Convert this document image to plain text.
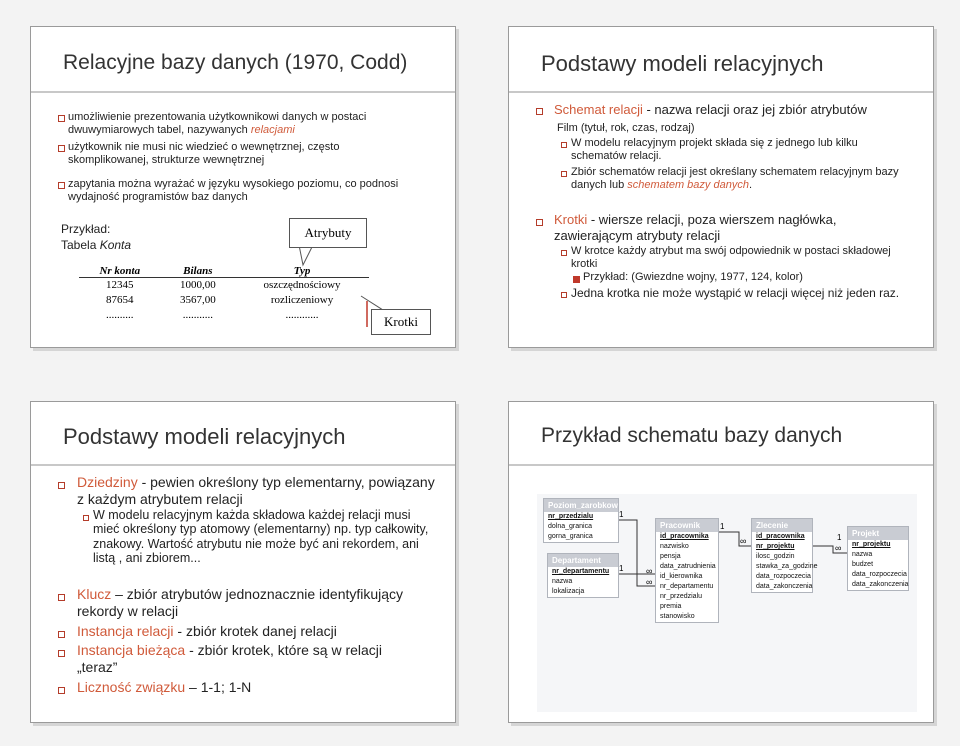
Relacyjne bazy danych (1970, Codd)
umożliwienie prezentowania użytkownikowi danych w postaci dwuwymiarowych tabel, nazywanych relacjami
użytkownik nie musi nic wiedzieć o wewnętrznej, często skomplikowanej, strukturze wewnętrznej
zapytania można wyrażać w języku wysokiego poziomu, co podnosi wydajność programistów baz danych
Przykład:
Tabela Konta
Atrybuty
Krotki
Nr konta	Bilans	Typ
12345	1000,00	oszczędnościowy
87654	3567,00	rozliczeniowy
..........	...........	............
Podstawy modeli relacyjnych
Schemat relacji - nazwa relacji oraz jej zbiór atrybutów
Film (tytuł, rok, czas, rodzaj)
W modelu relacyjnym projekt składa się z jednego lub kilku schematów relacji.
Zbiór schematów relacji jest określany schematem relacyjnym bazy danych lub schematem bazy danych.
Krotki - wiersze relacji, poza wierszem nagłówka, zawierającym atrybuty relacji
W krotce każdy atrybut ma swój odpowiednik w postaci składowej krotki
Przykład: (Gwiezdne wojny, 1977, 124, kolor)
Jedna krotka nie może wystąpić w relacji więcej niż jeden raz.
Podstawy modeli relacyjnych
Dziedziny - pewien określony typ elementarny, powiązany z każdym atrybutem relacji
W modelu relacyjnym każda składowa każdej relacji musi mieć określony typ atomowy (elementarny) np. typ całkowity, znakowy. Wartość atrybutu nie może być ani rekordem, ani listą , ani zbiorem...
Klucz – zbiór atrybutów jednoznacznie identyfikujący rekordy w relacji
Instancja relacji - zbiór krotek danej relacji
Instancja bieżąca - zbiór krotek, które są w relacji „teraz”
Liczność związku – 1-1; 1-N
Przykład schematu bazy danych
1
1
∞
∞
1
∞
∞
1
Poziom_zarobkow
nr_przedzialu
dolna_granica
gorna_granica
Departament
nr_departamentu
nazwa
lokalizacja
Pracownik
id_pracownika
nazwisko
pensja
data_zatrudnienia
id_kierownika
nr_departamentu
nr_przedzialu
premia
stanowisko
Zlecenie
id_pracownika
nr_projektu
ilosc_godzin
stawka_za_godzine
data_rozpoczecia
data_zakonczenia
Projekt
nr_projektu
nazwa
budzet
data_rozpoczecia
data_zakonczenia
